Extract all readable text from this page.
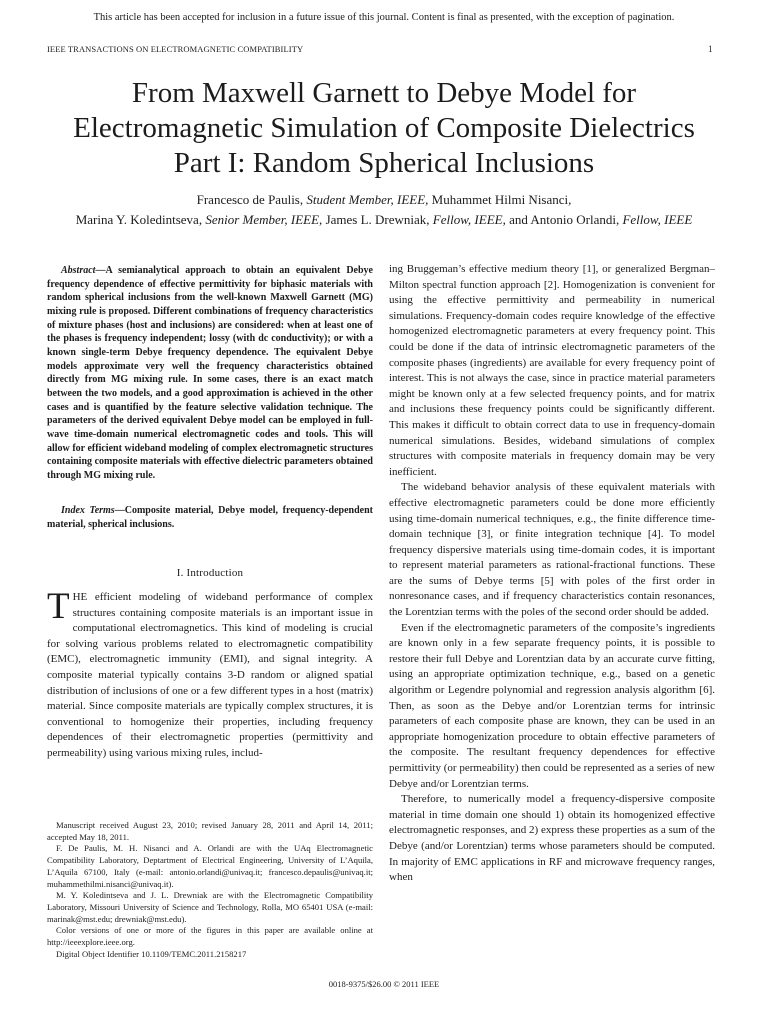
This article has been accepted for inclusion in a future issue of this journal. Content is final as presented, with the exception of pagination.
IEEE TRANSACTIONS ON ELECTROMAGNETIC COMPATIBILITY	1
From Maxwell Garnett to Debye Model for
Electromagnetic Simulation of Composite Dielectrics
Part I: Random Spherical Inclusions
Francesco de Paulis, Student Member, IEEE, Muhammet Hilmi Nisanci,
Marina Y. Koledintseva, Senior Member, IEEE, James L. Drewniak, Fellow, IEEE, and Antonio Orlandi, Fellow, IEEE
Abstract—A semianalytical approach to obtain an equivalent Debye frequency dependence of effective permittivity for biphasic materials with random spherical inclusions from the well-known Maxwell Garnett (MG) mixing rule is proposed. Different combinations of frequency characteristics of mixture phases (host and inclusions) are considered: when at least one of the phases is frequency independent; lossy (with dc conductivity); or with a known single-term Debye frequency dependence. The equivalent Debye models approximate very well the frequency characteristics obtained directly from MG mixing rule. In some cases, there is an exact match between the two models, and a good approximation is achieved in the other cases and is quantified by the feature selective validation technique. The parameters of the derived equivalent Debye model can be employed in full-wave time-domain numerical electromagnetic codes and tools. This will allow for efficient wideband modeling of complex electromagnetic structures containing composite materials with effective dielectric parameters obtained through MG mixing rule.
Index Terms—Composite material, Debye model, frequency-dependent material, spherical inclusions.
I. Introduction
THE efficient modeling of wideband performance of complex structures containing composite materials is an important issue in computational electromagnetics. This kind of modeling is crucial for solving various problems related to electromagnetic compatibility (EMC), electromagnetic immunity (EMI), and signal integrity. A composite material typically contains 3-D random or aligned spatial distribution of inclusions of one or a few different types in a host (matrix) material. Since composite materials are typically complex structures, it is conventional to homogenize their properties, including frequency dependences of their electromagnetic properties (permittivity and permeability) using various mixing rules, includ-

Manuscript received August 23, 2010; revised January 28, 2011 and April 14, 2011; accepted May 18, 2011.

F. De Paulis, M. H. Nisanci and A. Orlandi are with the UAq Electromagnetic Compatibility Laboratory, Deptartment of Electrical Engineering, University of L’Aquila, L’Aquila 67100, Italy (e-mail: antonio.orlandi@univaq.it; francesco.depaulis@univaq.it; muhammethilmi.nisanci@univaq.it).

M. Y. Koledintseva and J. L. Drewniak are with the Electromagnetic Compatibility Laboratory, Missouri University of Science and Technology, Rolla, MO 65401 USA (e-mail: marinak@mst.edu; drewniak@mst.edu).

Color versions of one or more of the figures in this paper are available online at http://ieeexplore.ieee.org.

Digital Object Identifier 10.1109/TEMC.2011.2158217

ing Bruggeman’s effective medium theory [1], or generalized Bergman–Milton spectral function approach [2]. Homogenization is convenient for using the effective permittivity and permeability in numerical simulations. Frequency-domain codes require knowledge of the effective homogenized electromagnetic parameters at every frequency point. This could be done if the data of intrinsic electromagnetic parameters of the composite phases (ingredients) are available for every frequency point of interest. This is not always the case, since in practice material parameters might be known only at a few selected frequency points, and for matrix and inclusions these frequency points could be significantly different. This makes it difficult to obtain correct data to use in frequency-domain numerical simulations. Besides, wideband simulations of complex structures with composite materials in frequency domain may be very inefficient.

The wideband behavior analysis of these equivalent materials with effective electromagnetic parameters could be done more efficiently using time-domain numerical techniques, e.g., the finite difference time-domain technique [3], or finite integration technique [4]. To model frequency dispersive materials using time-domain codes, it is important to represent material parameters as rational-fractional functions. These are the sums of Debye terms [5] with poles of the first order in nonresonance cases, and if frequency characteristics contain resonances, the Lorentzian terms with the poles of the second order should be added.

Even if the electromagnetic parameters of the composite’s ingredients are known only in a few separate frequency points, it is possible to restore their full Debye and Lorentzian data by an accurate curve fitting, using an appropriate optimization technique, e.g., based on a genetic algorithm or Legendre polynomial and regression analysis algorithm [6]. Then, as soon as the Debye and/or Lorentzian terms for intrinsic parameters of each composite phase are known, they can be used in an appropriate homogenization procedure to obtain effective parameters of the composite. The resultant frequency dependences for effective permittivity (or permeability) then could be represented as a series of new Debye and/or Lorentzian terms.

Therefore, to numerically model a frequency-dispersive composite material in time domain one should 1) obtain its homogenized effective electromagnetic responses, and 2) express these properties as a sum of the Debye (and/or Lorentzian) terms whose parameters should be computed. In majority of EMC applications in RF and microwave frequency ranges, when

0018-9375/$26.00 © 2011 IEEE
